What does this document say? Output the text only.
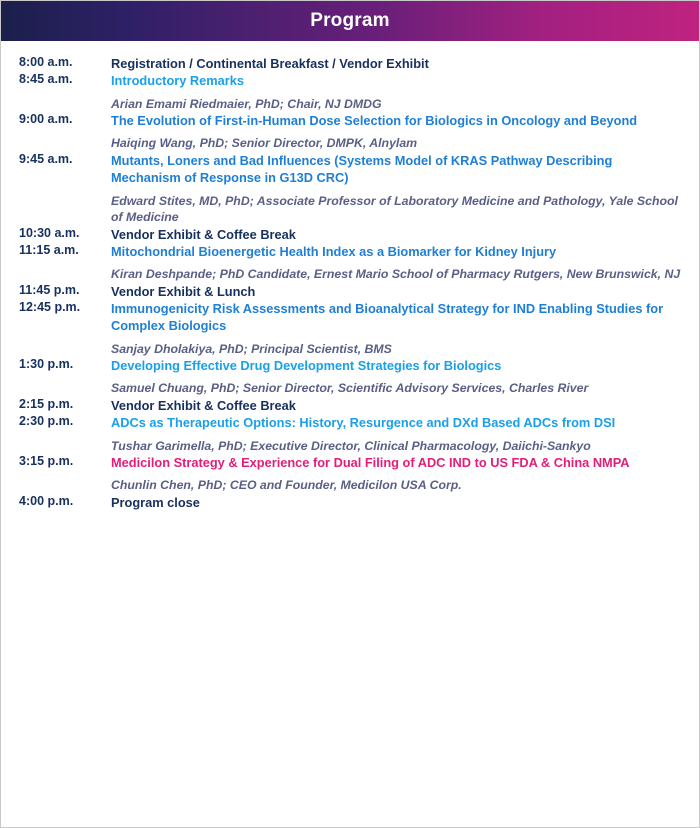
Program
8:00 a.m.	Registration / Continental Breakfast / Vendor Exhibit

8:45 a.m.	Introductory Remarks
Arian Emami Riedmaier, PhD; Chair, NJ DMDG

9:00 a.m.	The Evolution of First-in-Human Dose Selection for Biologics in Oncology and Beyond
Haiqing Wang, PhD; Senior Director, DMPK, Alnylam

9:45 a.m.	Mutants, Loners and Bad Influences (Systems Model of KRAS Pathway Describing Mechanism of Response in G13D CRC)
Edward Stites, MD, PhD; Associate Professor of Laboratory Medicine and Pathology, Yale School of Medicine

10:30 a.m.	Vendor Exhibit & Coffee Break

11:15 a.m.	Mitochondrial Bioenergetic Health Index as a Biomarker for Kidney Injury
Kiran Deshpande; PhD Candidate, Ernest Mario School of Pharmacy Rutgers, New Brunswick, NJ

11:45 p.m.	Vendor Exhibit & Lunch

12:45 p.m.	Immunogenicity Risk Assessments and Bioanalytical Strategy for IND Enabling Studies for Complex Biologics
Sanjay Dholakiya, PhD; Principal Scientist, BMS

1:30 p.m.	Developing Effective Drug Development Strategies for Biologics
Samuel Chuang, PhD; Senior Director, Scientific Advisory Services, Charles River

2:15 p.m.	Vendor Exhibit & Coffee Break

2:30 p.m.	ADCs as Therapeutic Options: History, Resurgence and DXd Based ADCs from DSI
Tushar Garimella, PhD; Executive Director, Clinical Pharmacology, Daiichi-Sankyo

3:15 p.m.	Medicilon Strategy & Experience for Dual Filing of ADC IND to US FDA & China NMPA
Chunlin Chen, PhD; CEO and Founder, Medicilon USA Corp.

4:00 p.m.	Program close
